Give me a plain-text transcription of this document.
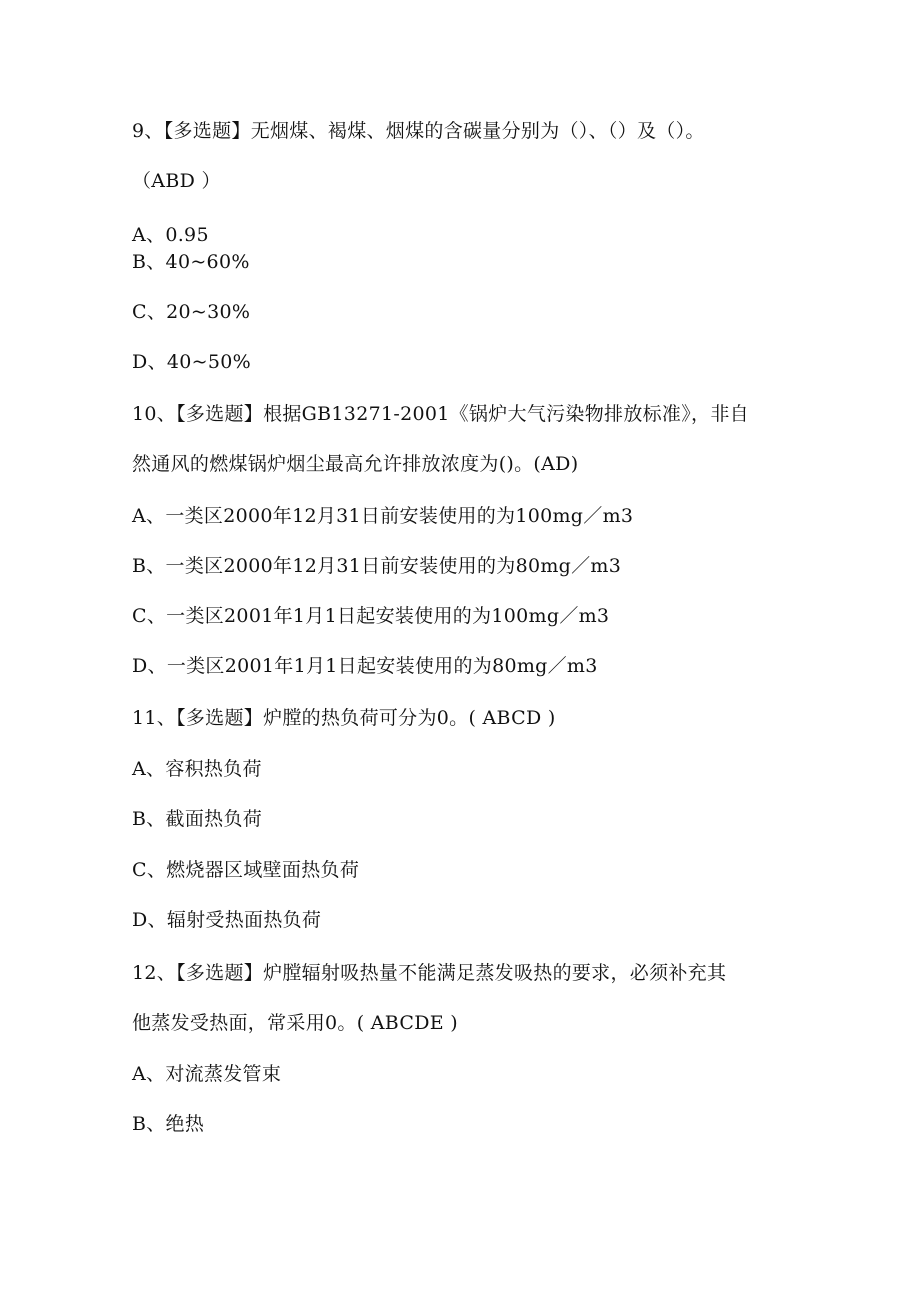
9、【多选题】无烟煤、褐煤、烟煤的含碳量分别为（）、（）及（）。
（ABD ）
A、0.95
B、40~60%
C、20~30%
D、40~50%
10、【多选题】根据GB13271-2001《锅炉大气污染物排放标准》，非自
然通风的燃煤锅炉烟尘最高允许排放浓度为()。(AD)
A、一类区2000年12月31日前安装使用的为100mg／m3
B、一类区2000年12月31日前安装使用的为80mg／m3
C、一类区2001年1月1日起安装使用的为100mg／m3
D、一类区2001年1月1日起安装使用的为80mg／m3
11、【多选题】炉膛的热负荷可分为0。( ABCD )
A、容积热负荷
B、截面热负荷
C、燃烧器区域壁面热负荷
D、辐射受热面热负荷
12、【多选题】炉膛辐射吸热量不能满足蒸发吸热的要求，必须补充其
他蒸发受热面，常采用0。( ABCDE )
A、对流蒸发管束
B、绝热
